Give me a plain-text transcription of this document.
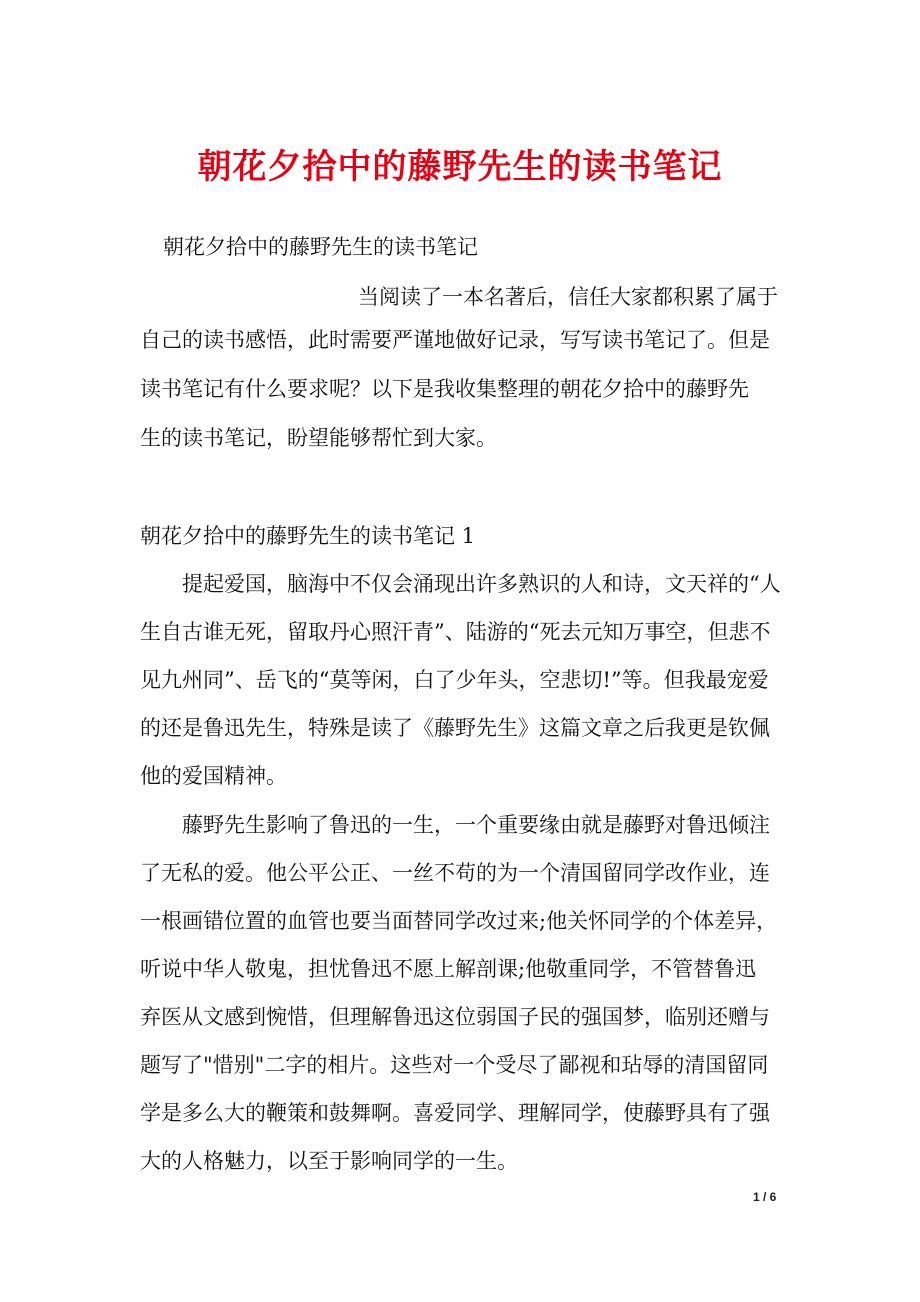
朝花夕拾中的藤野先生的读书笔记
朝花夕拾中的藤野先生的读书笔记
当阅读了一本名著后，信任大家都积累了属于
自己的读书感悟，此时需要严谨地做好记录，写写读书笔记了。但是
读书笔记有什么要求呢？以下是我收集整理的朝花夕拾中的藤野先
生的读书笔记，盼望能够帮忙到大家。
朝花夕拾中的藤野先生的读书笔记 1
提起爱国，脑海中不仅会涌现出许多熟识的人和诗，文天祥的“人
生自古谁无死，留取丹心照汗青”、陆游的“死去元知万事空，但悲不
见九州同”、岳飞的“莫等闲，白了少年头，空悲切!”等。但我最宠爱
的还是鲁迅先生，特殊是读了《藤野先生》这篇文章之后我更是钦佩
他的爱国精神。
藤野先生影响了鲁迅的一生，一个重要缘由就是藤野对鲁迅倾注
了无私的爱。他公平公正、一丝不苟的为一个清国留同学改作业，连
一根画错位置的血管也要当面替同学改过来;他关怀同学的个体差异，
听说中华人敬鬼，担忧鲁迅不愿上解剖课;他敬重同学，不管替鲁迅
弃医从文感到惋惜，但理解鲁迅这位弱国子民的强国梦，临别还赠与
题写了"惜别"二字的相片。这些对一个受尽了鄙视和玷辱的清国留同
学是多么大的鞭策和鼓舞啊。喜爱同学、理解同学，使藤野具有了强
大的人格魅力，以至于影响同学的一生。
1 / 6
